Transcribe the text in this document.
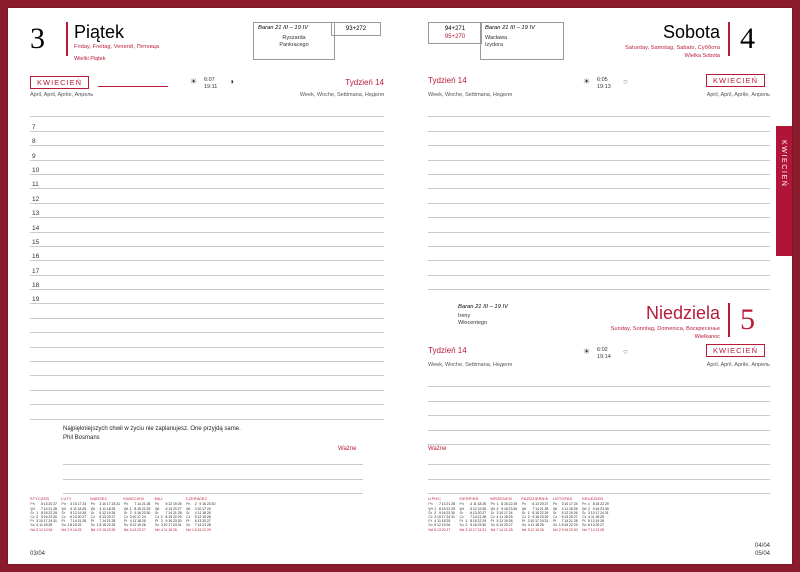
3 Piątek
Friday, Freitag, Venerdì, Пятница
Wielki Piątek
Baran 21 III – 19 IV
Ryszarda
Pankracego
93+272
KWIECIEŃ
April, April, Aprile, Апрель
Tydzień 14
Week, Woche, Settimana, Неделя
☀ 6:07
19:11
◗
7
8
9
10
11
12
13
14
15
16
17
18
19
Najpiękniejszych chwil w życiu nie zaplanujesz. One przyjdą same.
Phil Bosmans
Ważne
STYCZEŃ
Pn		6	13	20	27	
Wt		7	14	21	28	
Śr	1	8	15	22	29	
Cz	2	9	16	23	30	
Pt	3	10	17	24	31	
So	4	11	18	25		
Nd	5	12	19	26		
LUTY
Pn		3	10	17	24	
Wt		4	11	18	25	
Śr		5	12	19	26	
Cz		6	13	20	27	
Pt		7	14	21	28	
So	1	8	15	22		
Nd	2	9	16	23		
MARZEC
Pn		3	10	17	24	31
Wt		4	11	18	25	
Śr		5	12	19	26	
Cz		6	13	20	27	
Pt		7	14	21	28	
So	1	8	15	22	29	
Nd	2	9	16	23	30	
KWIECIEŃ
Pn		7	14	21	28	
Wt	1	8	15	22	29	
Śr	2	9	16	23	30	
Cz	3	10	17	24		
Pt	4	11	18	25		
So	5	12	19	26		
Nd	6	13	20	27		
MAJ
Pn		5	12	19	26	
Wt		6	13	20	27	
Śr		7	14	21	28	
Cz	1	8	15	22	29	
Pt	2	9	16	23	30	
So	3	10	17	24	31	
Nd	4	11	18	25		
CZERWIEC
Pn		2	9	16	23	30
Wt		3	10	17	24	
Śr		4	11	18	25	
Cz		5	12	19	26	
Pt		6	13	20	27	
So		7	14	21	28	
Nd	1	8	15	22	29	
03/04
94+271
95+270
Baran 21 III – 19 IV
Wacława
Izydora
Sobota
Saturday, Samstag, Sabato, Суббота
Wielka Sobota
4
Tydzień 14
Week, Woche, Settimana, Неделя
KWIECIEŃ
April, April, Aprile, Апрель
☀ 6:05
19:13
○
Baran 21 III – 19 IV
Ireny
Wincentego	Niedziela
Sunday, Sonntag, Domenica, Воскресенье
Wielkanoc
5
Tydzień 14
Week, Woche, Settimana, Неделя
KWIECIEŃ
April, April, Aprile, Апрель
☀ 6:02
19:14
○
Ważne
LIPIEC
Pn		7	14	21	28	
Wt	1	8	15	22	29	
Śr	2	9	16	23	30	
Cz	3	10	17	24	31	
Pt	4	11	18	25		
So	5	12	19	26		
Nd	6	13	20	27		
SIERPIEŃ
Pn		4	11	18	25	
Wt		5	12	19	26	
Śr		6	13	20	27	
Cz		7	14	21	28	
Pt	1	8	15	22	29	
So	2	9	16	23	30	
Nd	3	10	17	24	31	
WRZESIEŃ
Pn	1	8	15	22	29	
Wt	2	9	16	23	30	
Śr	3	10	17	24		
Cz	4	11	18	25		
Pt	5	12	19	26		
So	6	13	20	27		
Nd	7	14	21	28		
PAŹDZIERNIK
Pn		6	13	20	27	
Wt		7	14	21	28	
Śr	1	8	15	22	29	
Cz	2	9	16	23	30	
Pt	3	10	17	24	31	
So	4	11	18	25		
Nd	5	12	19	26		
LISTOPAD
Pn		3	10	17	24	
Wt		4	11	18	25	
Śr		5	12	19	26	
Cz		6	13	20	27	
Pt		7	14	21	28	
So	1	8	15	22	29	
Nd	2	9	16	23	30	
GRUDZIEŃ
Pn	1	8	15	22	29	
Wt	2	9	16	23	30	
Śr	3	10	17	24	31	
Cz	4	11	18	25		
Pt	5	12	19	26		
So	6	13	20	27		
Nd	7	14	21	28		
04/04
05/04
KWIECIEŃ
